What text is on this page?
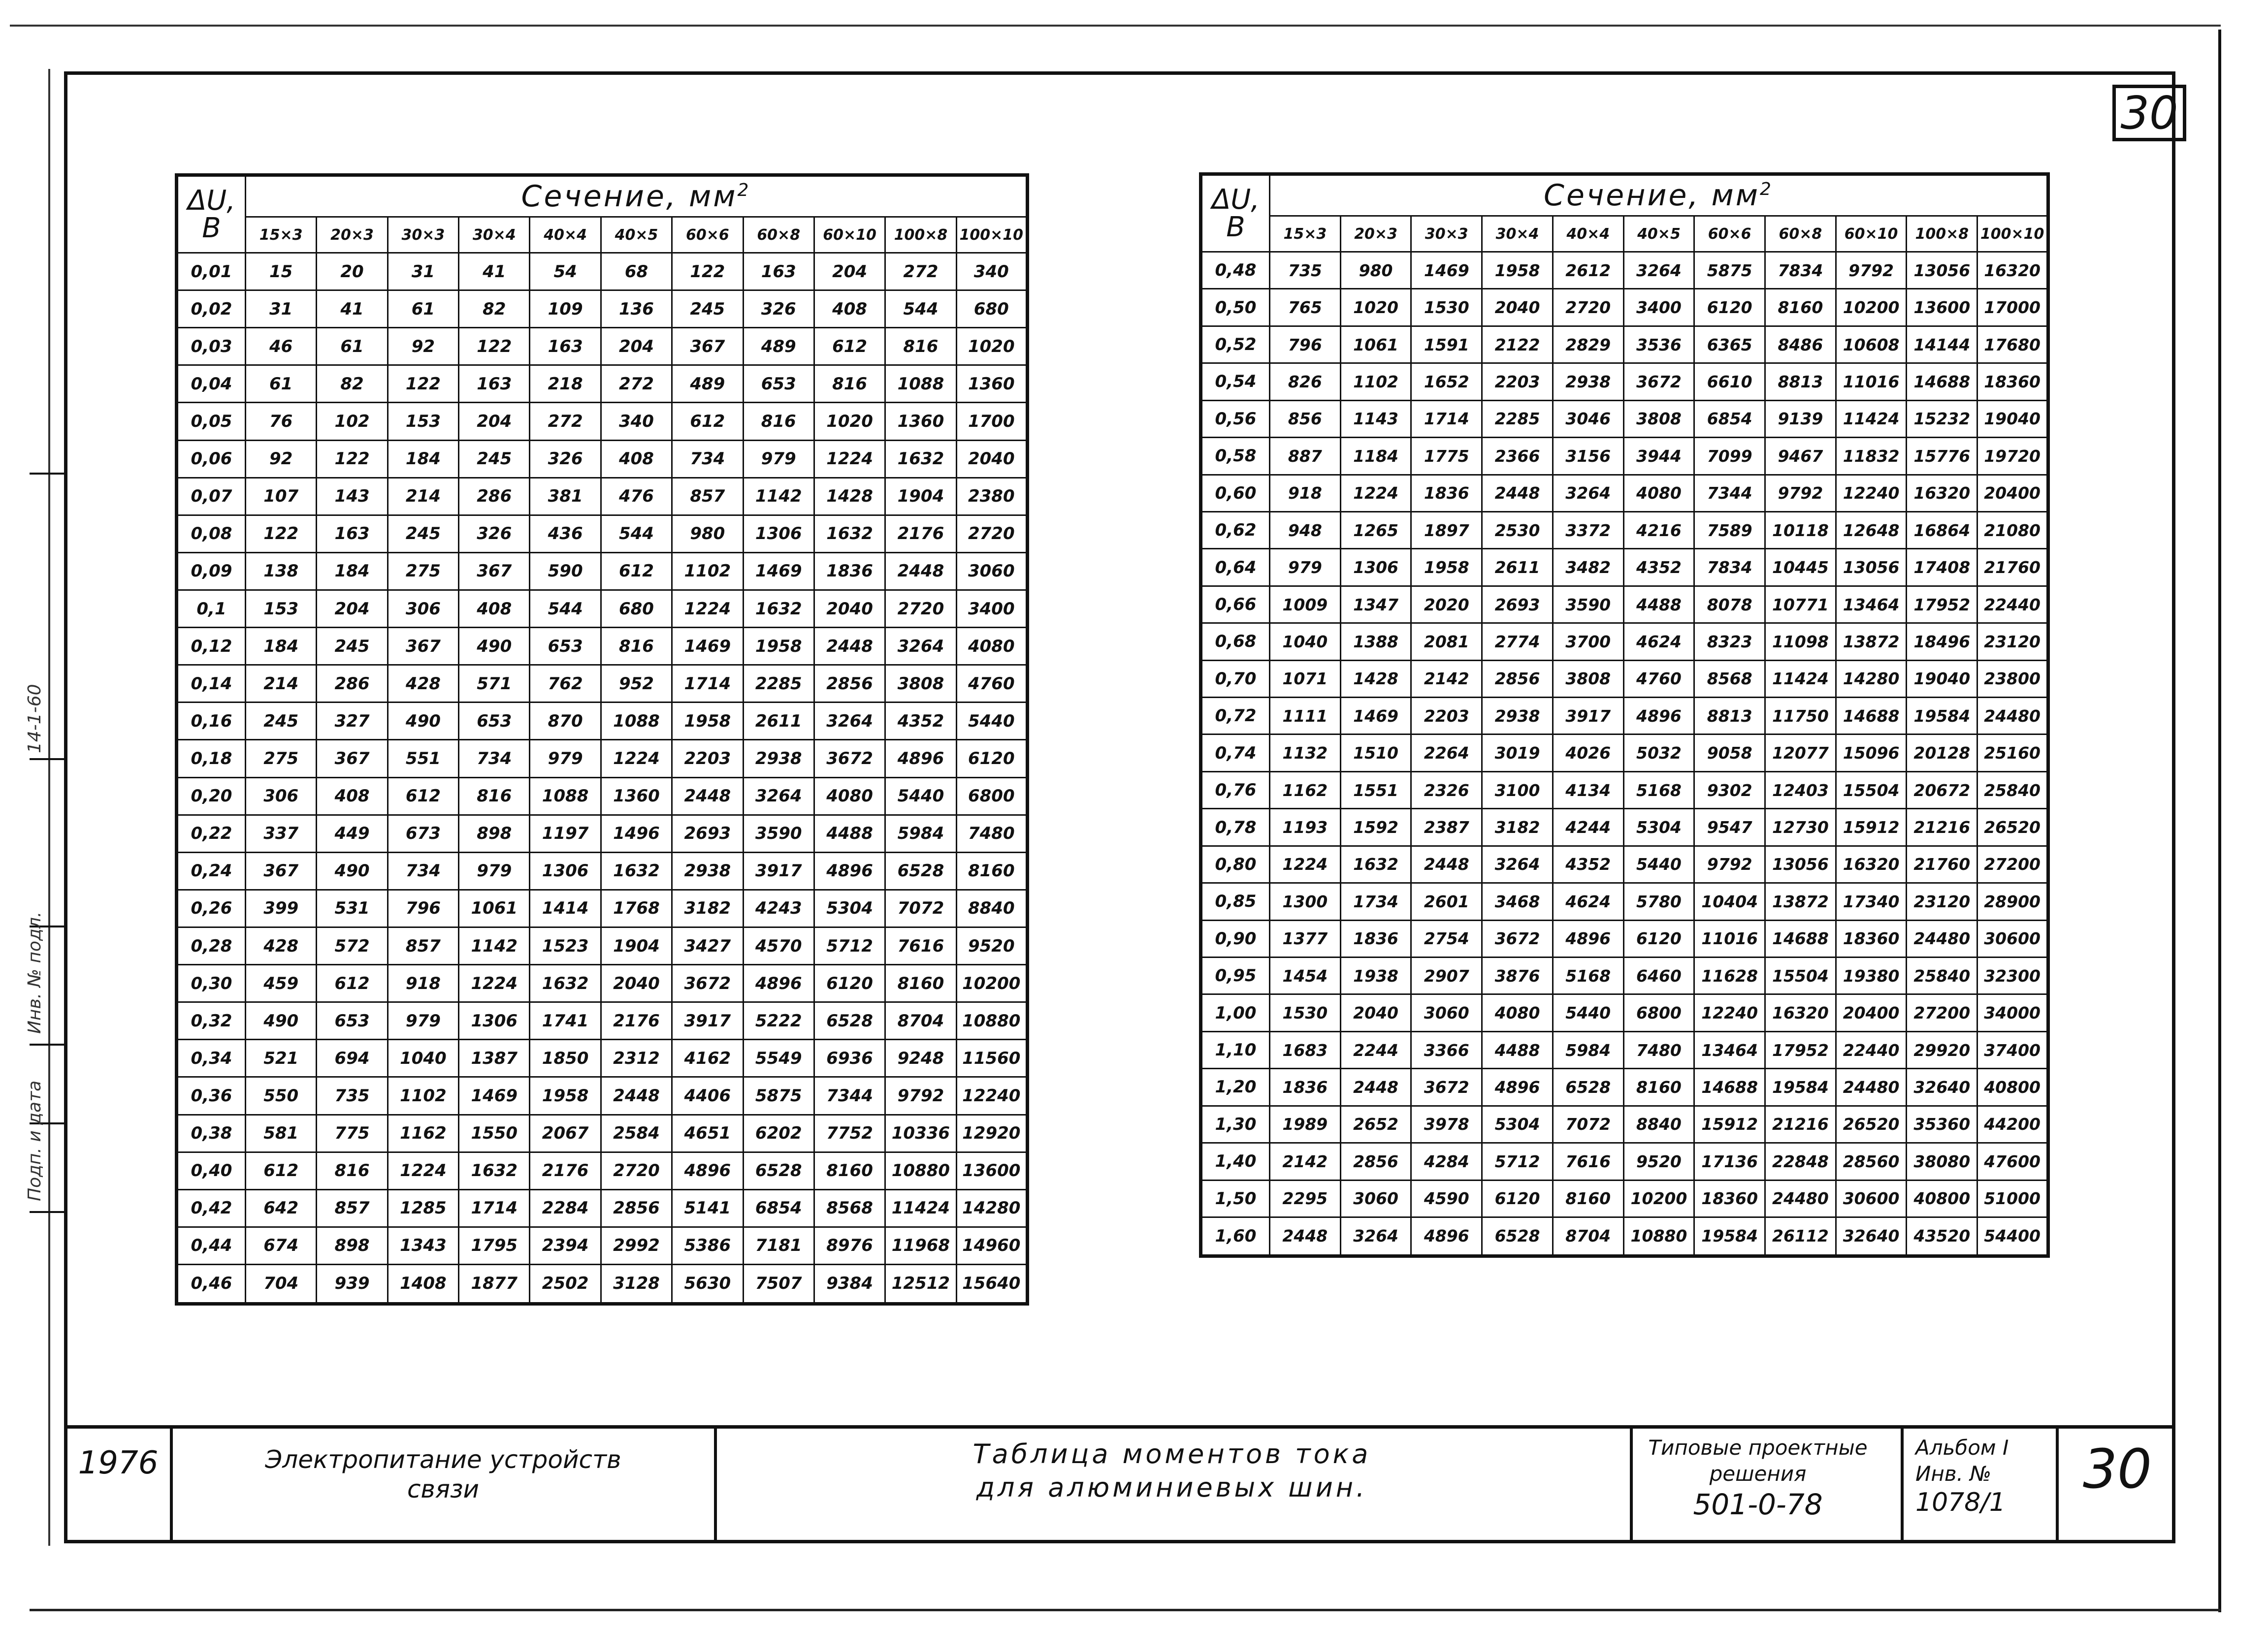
30
14-1-60
Инв. № подл.
Подп. и дата
ΔU,
B	Сечение, $мм^2$
	15×3	20×3	30×3	30×4	40×4	40×5	60×6	60×8	60×10	100×8	100×10
0,01	15	20	31	41	54	68	122	163	204	272	340
0,02	31	41	61	82	109	136	245	326	408	544	680
0,03	46	61	92	122	163	204	367	489	612	816	1020
0,04	61	82	122	163	218	272	489	653	816	1088	1360
0,05	76	102	153	204	272	340	612	816	1020	1360	1700
0,06	92	122	184	245	326	408	734	979	1224	1632	2040
0,07	107	143	214	286	381	476	857	1142	1428	1904	2380
0,08	122	163	245	326	436	544	980	1306	1632	2176	2720
0,09	138	184	275	367	590	612	1102	1469	1836	2448	3060
0,1	153	204	306	408	544	680	1224	1632	2040	2720	3400
0,12	184	245	367	490	653	816	1469	1958	2448	3264	4080
0,14	214	286	428	571	762	952	1714	2285	2856	3808	4760
0,16	245	327	490	653	870	1088	1958	2611	3264	4352	5440
0,18	275	367	551	734	979	1224	2203	2938	3672	4896	6120
0,20	306	408	612	816	1088	1360	2448	3264	4080	5440	6800
0,22	337	449	673	898	1197	1496	2693	3590	4488	5984	7480
0,24	367	490	734	979	1306	1632	2938	3917	4896	6528	8160
0,26	399	531	796	1061	1414	1768	3182	4243	5304	7072	8840
0,28	428	572	857	1142	1523	1904	3427	4570	5712	7616	9520
0,30	459	612	918	1224	1632	2040	3672	4896	6120	8160	10200
0,32	490	653	979	1306	1741	2176	3917	5222	6528	8704	10880
0,34	521	694	1040	1387	1850	2312	4162	5549	6936	9248	11560
0,36	550	735	1102	1469	1958	2448	4406	5875	7344	9792	12240
0,38	581	775	1162	1550	2067	2584	4651	6202	7752	10336	12920
0,40	612	816	1224	1632	2176	2720	4896	6528	8160	10880	13600
0,42	642	857	1285	1714	2284	2856	5141	6854	8568	11424	14280
0,44	674	898	1343	1795	2394	2992	5386	7181	8976	11968	14960
0,46	704	939	1408	1877	2502	3128	5630	7507	9384	12512	15640
ΔU,
B	Сечение, $мм^2$
	15×3	20×3	30×3	30×4	40×4	40×5	60×6	60×8	60×10	100×8	100×10
0,48	735	980	1469	1958	2612	3264	5875	7834	9792	13056	16320
0,50	765	1020	1530	2040	2720	3400	6120	8160	10200	13600	17000
0,52	796	1061	1591	2122	2829	3536	6365	8486	10608	14144	17680
0,54	826	1102	1652	2203	2938	3672	6610	8813	11016	14688	18360
0,56	856	1143	1714	2285	3046	3808	6854	9139	11424	15232	19040
0,58	887	1184	1775	2366	3156	3944	7099	9467	11832	15776	19720
0,60	918	1224	1836	2448	3264	4080	7344	9792	12240	16320	20400
0,62	948	1265	1897	2530	3372	4216	7589	10118	12648	16864	21080
0,64	979	1306	1958	2611	3482	4352	7834	10445	13056	17408	21760
0,66	1009	1347	2020	2693	3590	4488	8078	10771	13464	17952	22440
0,68	1040	1388	2081	2774	3700	4624	8323	11098	13872	18496	23120
0,70	1071	1428	2142	2856	3808	4760	8568	11424	14280	19040	23800
0,72	1111	1469	2203	2938	3917	4896	8813	11750	14688	19584	24480
0,74	1132	1510	2264	3019	4026	5032	9058	12077	15096	20128	25160
0,76	1162	1551	2326	3100	4134	5168	9302	12403	15504	20672	25840
0,78	1193	1592	2387	3182	4244	5304	9547	12730	15912	21216	26520
0,80	1224	1632	2448	3264	4352	5440	9792	13056	16320	21760	27200
0,85	1300	1734	2601	3468	4624	5780	10404	13872	17340	23120	28900
0,90	1377	1836	2754	3672	4896	6120	11016	14688	18360	24480	30600
0,95	1454	1938	2907	3876	5168	6460	11628	15504	19380	25840	32300
1,00	1530	2040	3060	4080	5440	6800	12240	16320	20400	27200	34000
1,10	1683	2244	3366	4488	5984	7480	13464	17952	22440	29920	37400
1,20	1836	2448	3672	4896	6528	8160	14688	19584	24480	32640	40800
1,30	1989	2652	3978	5304	7072	8840	15912	21216	26520	35360	44200
1,40	2142	2856	4284	5712	7616	9520	17136	22848	28560	38080	47600
1,50	2295	3060	4590	6120	8160	10200	18360	24480	30600	40800	51000
1,60	2448	3264	4896	6528	8704	10880	19584	26112	32640	43520	54400
1976	Электропитание устройств
связи
Таблица моментов тока
для алюминиевых шин.
Типовые проектные
решения
501-0-78
Альбом I
Инв. №
1078/1
30
